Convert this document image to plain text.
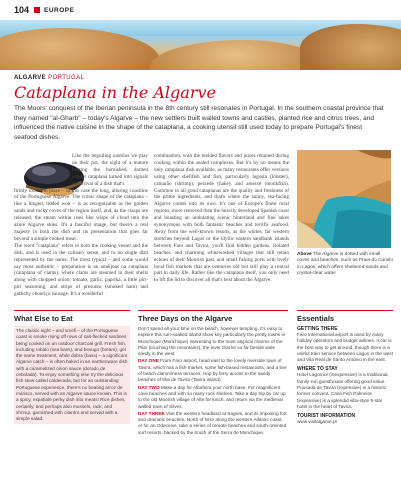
104 EUROPE
ALGARVE PORTUGAL
Cataplana in the Algarve
The Moors' conquest of the Iberian peninsula in the 8th century still resonates in Portugal. In the southern coastal province that they named "al-Gharb" – today's Algarve – the new settlers built walled towns and castles, planted rice and citrus trees, and influenced the native cuisine in the shape of the cataplana, a cooking utensil still used today to prepare Portugal's finest seafood dishes.

Like the beguiling nautilus we play on their pot, the sight of a mature heating the burnished, domed copper cataplana turned into signals the arrival of a dish that's

firmly rooted in place – in this case the long, alluring coastline of the Portuguese Algarve. The iconic shape of the cataplana – like a hinged, lidded wok – is as recognizable as the golden sands and rocky coves of the region itself, and, as the clasps are released, the steam within rises like wisps of cloud into the azure Algarve skies. It's a fanciful image, but there's a real majesty in both the dish and its presentation that goes far beyond a simple cooked meal.

The word "cataplana" refers to both the cooking vessel and the dish, and is used in the culinary sense, and to no single dish represented by the name. The most typical – and some would say most authentic – preparation is an améijoas na cataplana (cataplana of clams), where clams are steamed in their shells along with chopped onion, tomato, garlic, paprika, a little piri-piri seasoning, and strips of presunto (smoked ham) and gutlichy chouriço sausage. It's a wonderful

combination, with the melded flavors and juices retained during cooking within the sealed complexes. But it's by no means the only cataplana dish available, as many restaurants offer versions using other shellfish and fish, particularly lagosta (lobster), camarão (shrimp), peixede (hake), and ameixe (monkfish). Common to all good cataplanas are the quality and freshness of the prime ingredients, and that's where the sunny, sea-facing Algarve comes into its own. It's one of Europe's finest rural regions, more removed than the heavily developed Spanish coast and boasting an undulating scenic hinterland and fine lakes synonymous with both fantastic beaches and terrific seafood. Away from the well-known resorts, as the whites, far western stretches beyond Lagos or the idyllic eastern sandbank islands between Faro and Tavira, you'll find hidden gardens, isolated beaches, and charming whitewashed villages that still retain echoes of their Moorish past, and small fishing ports with lively local fish markets that are centuries old but still play a central part in daily life. Rather like the cataplana itself, you only need to lift the lid to discover all that's best about the Algarve.

Above The Algarve is dotted with small coves and beaches, such as Praia do Camilo in Lagos, which offers sheltered sands and crystal-clear water
What Else to Eat

The classic sight – and smell – of the Portuguese coast is smoke rising off rows of salt-flecked sardines being cooked on an outdoor charcoal grill. Fresh fish, including robalo (sea bass), and besugo (bream), get the same treatment, while dobra (bass) – a significant Algarve catch – is often baked in an earthenware dish with a caramelized onion sauce (dorado de cebolada). To enjoy something else try the delicious fish stew called caldeirada, but for an outstanding Portuguese experience, there's no beating arroz de marisco, served with an Algarve sauce known. This is a spicy, expatiate perky dish into meats! Rice dishes, certainly, and perhaps also mussels, rack, and shrimp, garnished with cilantro and served with a simple salad.

Three Days on the Algarve

Don't spend all your time on the beach, however tempting. It's easy to explore this sun-soaked island show key particularly the pretty towns in Monchique (Monchique) interesting to the most atypical charms of the Pilar (touching the mountains), the lover that lie so far beside wide sandy in the west.

DAY ONE From Faro airport, head east to the lovely riverside town of Tavira, which has a fish market, some fish-based restaurants, and a line of beach clamminess terraces. Hop by ferry across to the sandy beaches of Ilha de Tavira (Tavira island).

DAY TWO Make a day for Albufeira your north base. For magnificent cave beaches and with so many rock shelves. Take a day trip by car up to the old Moorish village of Alte for lunch, and return via the medieval walled town of Silves.

DAY THREE Visit the western headland at Sagres, and its imposing fort and dramatic beaches. North of here along the western Atlantic coast, or for an Odeceixe, take a series of remote beaches and south-oriented surf resorts, backed by the brush of the Serra de Monchique.

Essentials
GETTING THERE

Faro International airport is used by many holiday operators and budget airlines. A car is the best way to get around, though there is a useful train service between Lagos in the west and Vila Real de Santo António in the east.

WHERE TO STAY

Hotel Lagorrior (inexpensive) is a traditional, family-run guesthouse offering good value. Pousada de Tavira (expensive) in a historic former convent. Casa Fish Palmeira (expensive) is a splendid villa-style 5-star hotel in the heart of Tavira.

TOURIST INFORMATION

www.visitalgarve.pt
